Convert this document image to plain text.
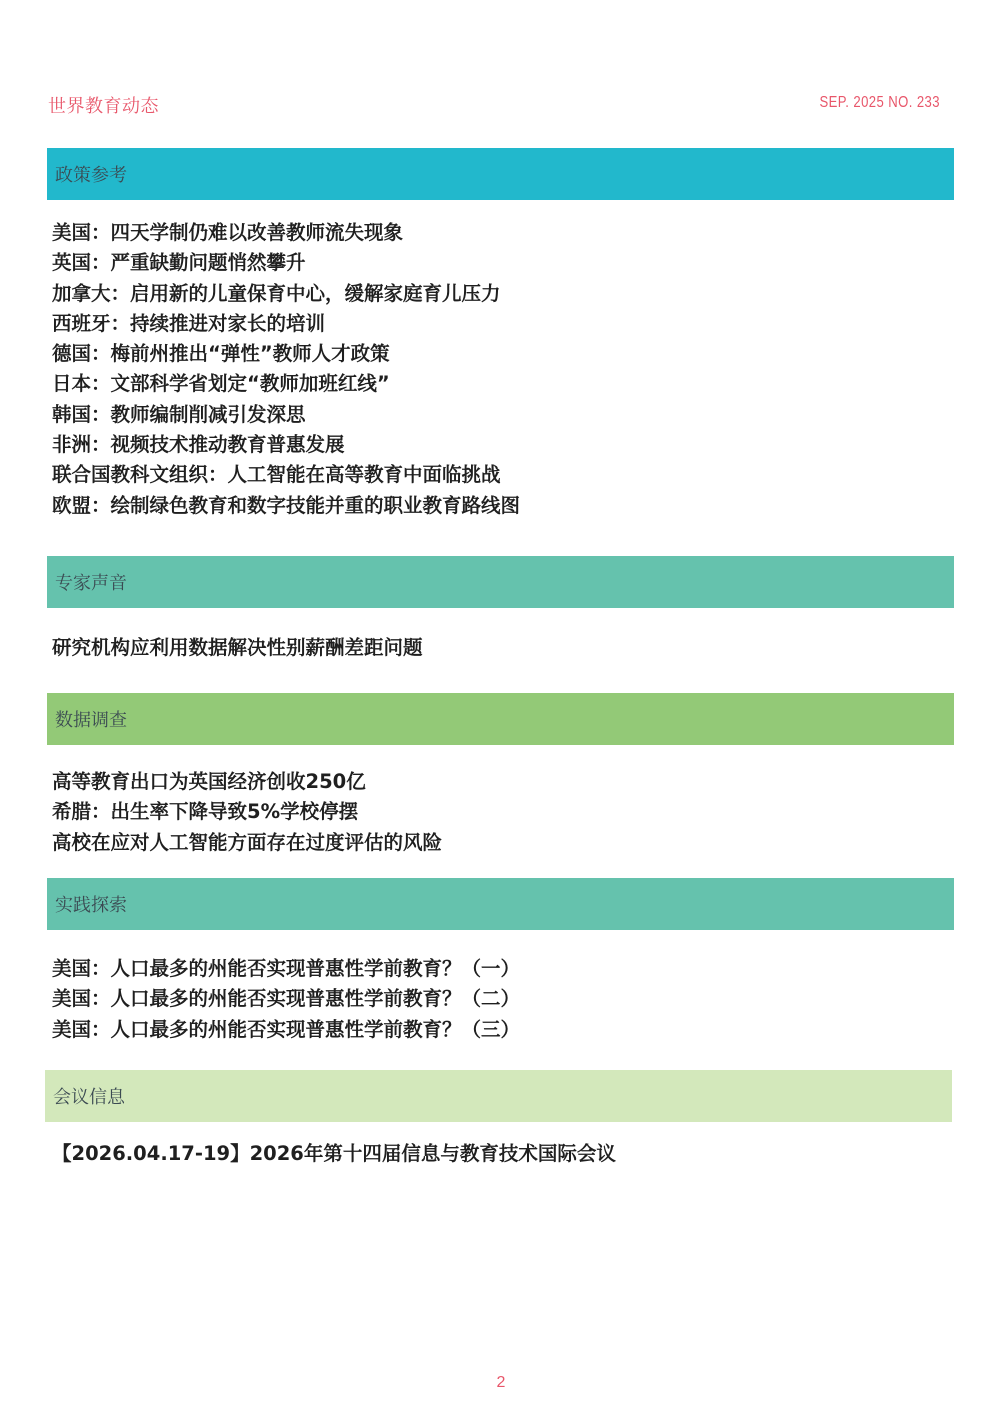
世界教育动态	SEP. 2025 NO. 233
政策参考
美国：四天学制仍难以改善教师流失现象
英国：严重缺勤问题悄然攀升
加拿大：启用新的儿童保育中心，缓解家庭育儿压力
西班牙：持续推进对家长的培训
德国：梅前州推出“弹性”教师人才政策
日本：文部科学省划定“教师加班红线”
韩国：教师编制削减引发深思
非洲：视频技术推动教育普惠发展
联合国教科文组织：人工智能在高等教育中面临挑战
欧盟：绘制绿色教育和数字技能并重的职业教育路线图
专家声音
研究机构应利用数据解决性别薪酬差距问题
数据调查
高等教育出口为英国经济创收250亿
希腊：出生率下降导致5%学校停摆
高校在应对人工智能方面存在过度评估的风险
实践探索
美国：人口最多的州能否实现普惠性学前教育？（一）
美国：人口最多的州能否实现普惠性学前教育？（二）
美国：人口最多的州能否实现普惠性学前教育？（三）
会议信息
【2026.04.17-19】2026年第十四届信息与教育技术国际会议
2
